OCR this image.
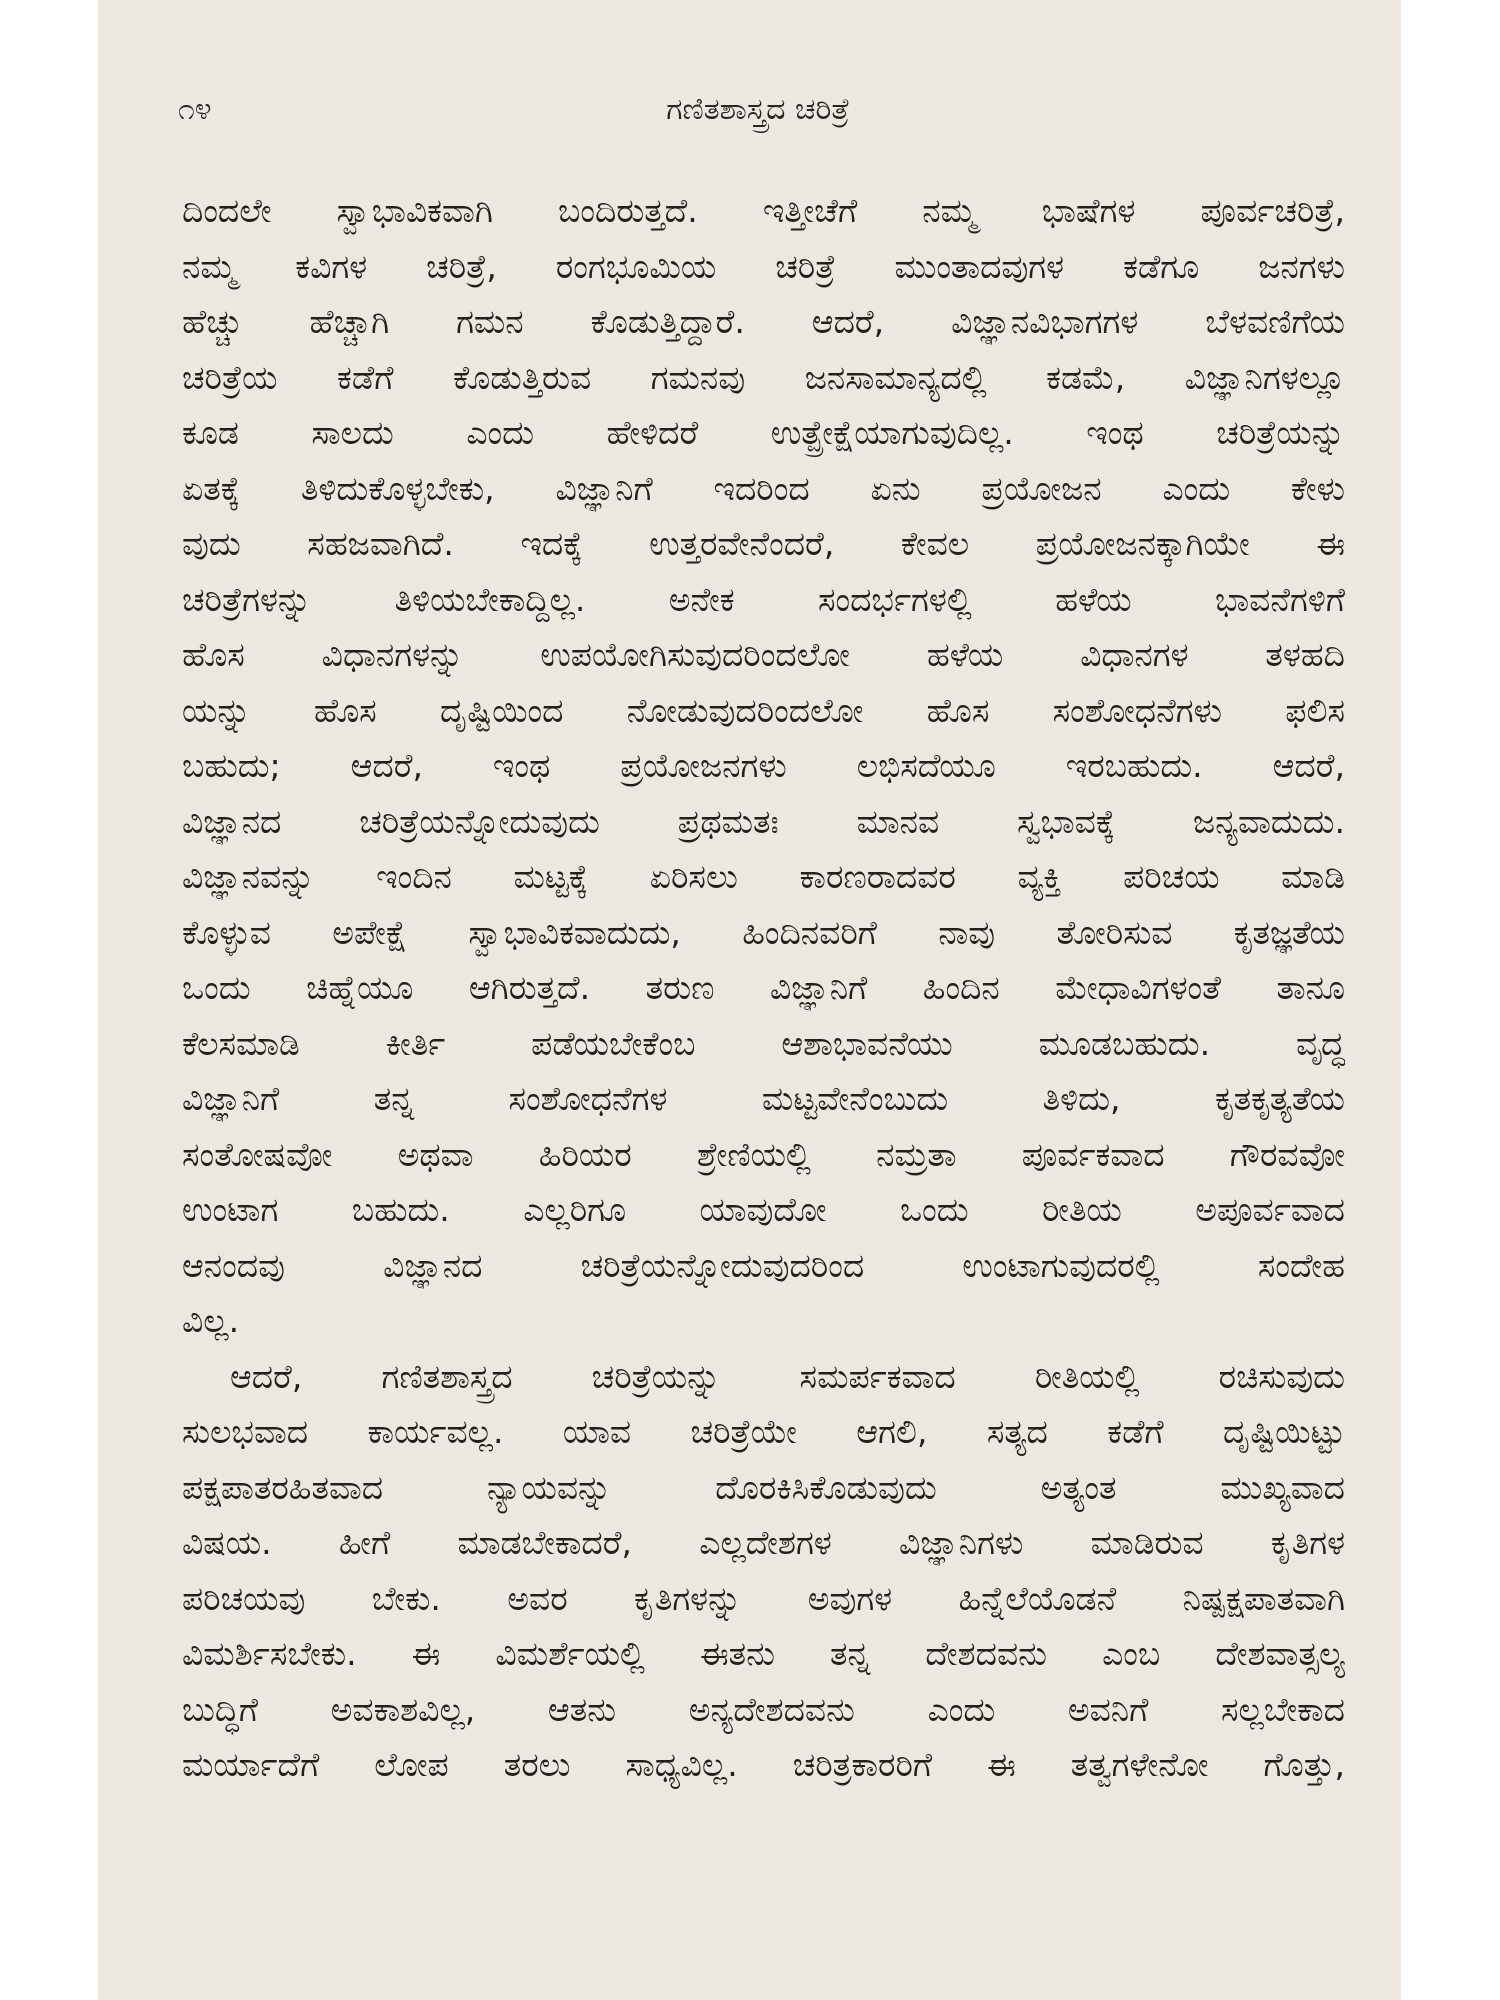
೧೪	ಗಣಿತಶಾಸ್ತ್ರದ ಚರಿತ್ರೆ
ದಿಂದಲೇ ಸ್ವಾಭಾವಿಕವಾಗಿ ಬಂದಿರುತ್ತದೆ. ಇತ್ತೀಚೆಗೆ ನಮ್ಮ ಭಾಷೆಗಳ ಪೂರ್ವಚರಿತ್ರೆ,
ನಮ್ಮ ಕವಿಗಳ ಚರಿತ್ರೆ, ರಂಗಭೂಮಿಯ ಚರಿತ್ರೆ ಮುಂತಾದವುಗಳ ಕಡೆಗೂ ಜನಗಳು
ಹೆಚ್ಚು ಹೆಚ್ಚಾಗಿ ಗಮನ ಕೊಡುತ್ತಿದ್ದಾರೆ. ಆದರೆ, ವಿಜ್ಞಾನವಿಭಾಗಗಳ ಬೆಳವಣಿಗೆಯ
ಚರಿತ್ರೆಯ ಕಡೆಗೆ ಕೊಡುತ್ತಿರುವ ಗಮನವು ಜನಸಾಮಾನ್ಯದಲ್ಲಿ ಕಡಮೆ, ವಿಜ್ಞಾನಿಗಳಲ್ಲೂ
ಕೂಡ ಸಾಲದು ಎಂದು ಹೇಳಿದರೆ ಉತ್ಪ್ರೇಕ್ಷೆಯಾಗುವುದಿಲ್ಲ. ಇಂಥ ಚರಿತ್ರೆಯನ್ನು
ಏತಕ್ಕೆ ತಿಳಿದುಕೊಳ್ಳಬೇಕು, ವಿಜ್ಞಾನಿಗೆ ಇದರಿಂದ ಏನು ಪ್ರಯೋಜನ ಎಂದು ಕೇಳು
ವುದು ಸಹಜವಾಗಿದೆ. ಇದಕ್ಕೆ ಉತ್ತರವೇನೆಂದರೆ, ಕೇವಲ ಪ್ರಯೋಜನಕ್ಕಾಗಿಯೇ ಈ
ಚರಿತ್ರೆಗಳನ್ನು ತಿಳಿಯಬೇಕಾದ್ದಿಲ್ಲ. ಅನೇಕ ಸಂದರ್ಭಗಳಲ್ಲಿ ಹಳೆಯ ಭಾವನೆಗಳಿಗೆ
ಹೊಸ ವಿಧಾನಗಳನ್ನು ಉಪಯೋಗಿಸುವುದರಿಂದಲೋ ಹಳೆಯ ವಿಧಾನಗಳ ತಳಹದಿ
ಯನ್ನು ಹೊಸ ದೃಷ್ಟಿಯಿಂದ ನೋಡುವುದರಿಂದಲೋ ಹೊಸ ಸಂಶೋಧನೆಗಳು ಫಲಿಸ
ಬಹುದು; ಆದರೆ, ಇಂಥ ಪ್ರಯೋಜನಗಳು ಲಭಿಸದೆಯೂ ಇರಬಹುದು. ಆದರೆ,
ವಿಜ್ಞಾನದ ಚರಿತ್ರೆಯನ್ನೋದುವುದು ಪ್ರಥಮತಃ ಮಾನವ ಸ್ವಭಾವಕ್ಕೆ ಜನ್ಯವಾದುದು.
ವಿಜ್ಞಾನವನ್ನು ಇಂದಿನ ಮಟ್ಟಕ್ಕೆ ಏರಿಸಲು ಕಾರಣರಾದವರ ವ್ಯಕ್ತಿ ಪರಿಚಯ ಮಾಡಿ
ಕೊಳ್ಳುವ ಅಪೇಕ್ಷೆ ಸ್ವಾಭಾವಿಕವಾದುದು, ಹಿಂದಿನವರಿಗೆ ನಾವು ತೋರಿಸುವ ಕೃತಜ್ಞತೆಯ
ಒಂದು ಚಿಹ್ನೆಯೂ ಆಗಿರುತ್ತದೆ. ತರುಣ ವಿಜ್ಞಾನಿಗೆ ಹಿಂದಿನ ಮೇಧಾವಿಗಳಂತೆ ತಾನೂ
ಕೆಲಸಮಾಡಿ ಕೀರ್ತಿ ಪಡೆಯಬೇಕೆಂಬ ಆಶಾಭಾವನೆಯು ಮೂಡಬಹುದು. ವೃದ್ಧ
ವಿಜ್ಞಾನಿಗೆ ತನ್ನ ಸಂಶೋಧನೆಗಳ ಮಟ್ಟವೇನೆಂಬುದು ತಿಳಿದು, ಕೃತಕೃತ್ಯತೆಯ
ಸಂತೋಷವೋ ಅಥವಾ ಹಿರಿಯರ ಶ್ರೇಣಿಯಲ್ಲಿ ನಮ್ರತಾ ಪೂರ್ವಕವಾದ ಗೌರವವೋ
ಉಂಟಾಗ ಬಹುದು. ಎಲ್ಲರಿಗೂ ಯಾವುದೋ ಒಂದು ರೀತಿಯ ಅಪೂರ್ವವಾದ
ಆನಂದವು ವಿಜ್ಞಾನದ ಚರಿತ್ರೆಯನ್ನೋದುವುದರಿಂದ ಉಂಟಾಗುವುದರಲ್ಲಿ ಸಂದೇಹ
ವಿಲ್ಲ.
ಆದರೆ, ಗಣಿತಶಾಸ್ತ್ರದ ಚರಿತ್ರೆಯನ್ನು ಸಮರ್ಪಕವಾದ ರೀತಿಯಲ್ಲಿ ರಚಿಸುವುದು
ಸುಲಭವಾದ ಕಾರ್ಯವಲ್ಲ. ಯಾವ ಚರಿತ್ರೆಯೇ ಆಗಲಿ, ಸತ್ಯದ ಕಡೆಗೆ ದೃಷ್ಟಿಯಿಟ್ಟು
ಪಕ್ಷಪಾತರಹಿತವಾದ ನ್ಯಾಯವನ್ನು ದೊರಕಿಸಿಕೊಡುವುದು ಅತ್ಯಂತ ಮುಖ್ಯವಾದ
ವಿಷಯ. ಹೀಗೆ ಮಾಡಬೇಕಾದರೆ, ಎಲ್ಲದೇಶಗಳ ವಿಜ್ಞಾನಿಗಳು ಮಾಡಿರುವ ಕೃತಿಗಳ
ಪರಿಚಯವು ಬೇಕು. ಅವರ ಕೃತಿಗಳನ್ನು ಅವುಗಳ ಹಿನ್ನೆಲೆಯೊಡನೆ ನಿಷ್ಪಕ್ಷಪಾತವಾಗಿ
ವಿಮರ್ಶಿಸಬೇಕು. ಈ ವಿಮರ್ಶೆಯಲ್ಲಿ ಈತನು ತನ್ನ ದೇಶದವನು ಎಂಬ ದೇಶವಾತ್ಸಲ್ಯ
ಬುದ್ಧಿಗೆ ಅವಕಾಶವಿಲ್ಲ, ಆತನು ಅನ್ಯದೇಶದವನು ಎಂದು ಅವನಿಗೆ ಸಲ್ಲಬೇಕಾದ
ಮರ್ಯಾದೆಗೆ ಲೋಪ ತರಲು ಸಾಧ್ಯವಿಲ್ಲ. ಚರಿತ್ರಕಾರರಿಗೆ ಈ ತತ್ವಗಳೇನೋ ಗೊತ್ತು,
